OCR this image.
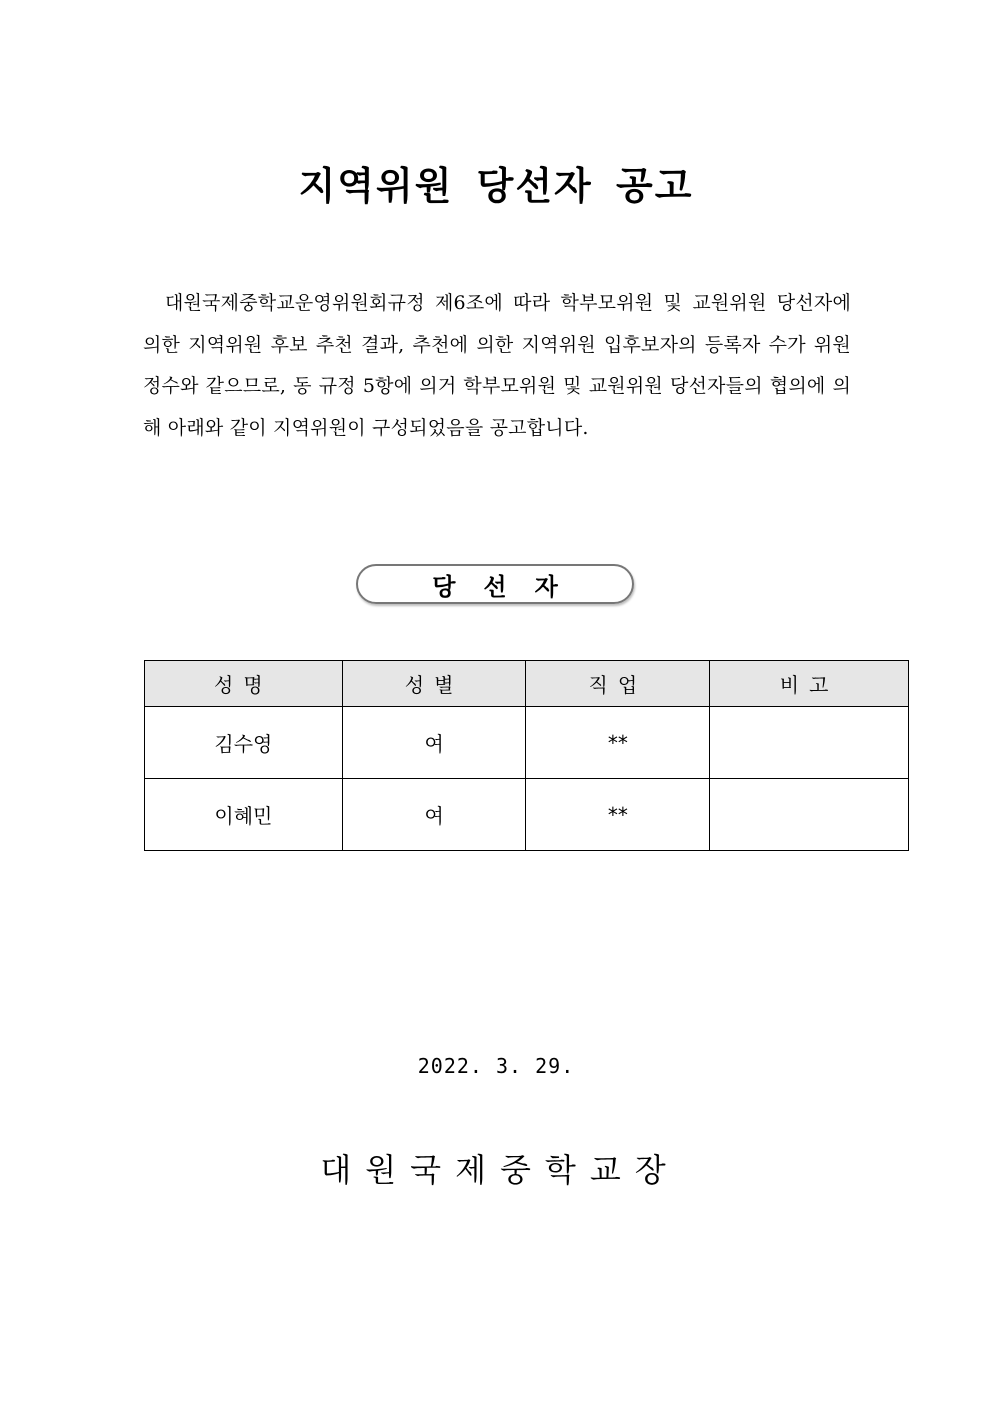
지역위원 당선자 공고
대원국제중학교운영위원회규정 제6조에 따라 학부모위원 및 교원위원 당선자에 의한 지역위원 후보 추천 결과, 추천에 의한 지역위원 입후보자의 등록자 수가 위원 정수와 같으므로, 동 규정 5항에 의거 학부모위원 및 교원위원 당선자들의 협의에 의해 아래와 같이 지역위원이 구성되었음을 공고합니다.
당선자
성명	성별	직업	비고
김수영	여	**	
이혜민	여	**	
2022. 3. 29.
대원국제중학교장
